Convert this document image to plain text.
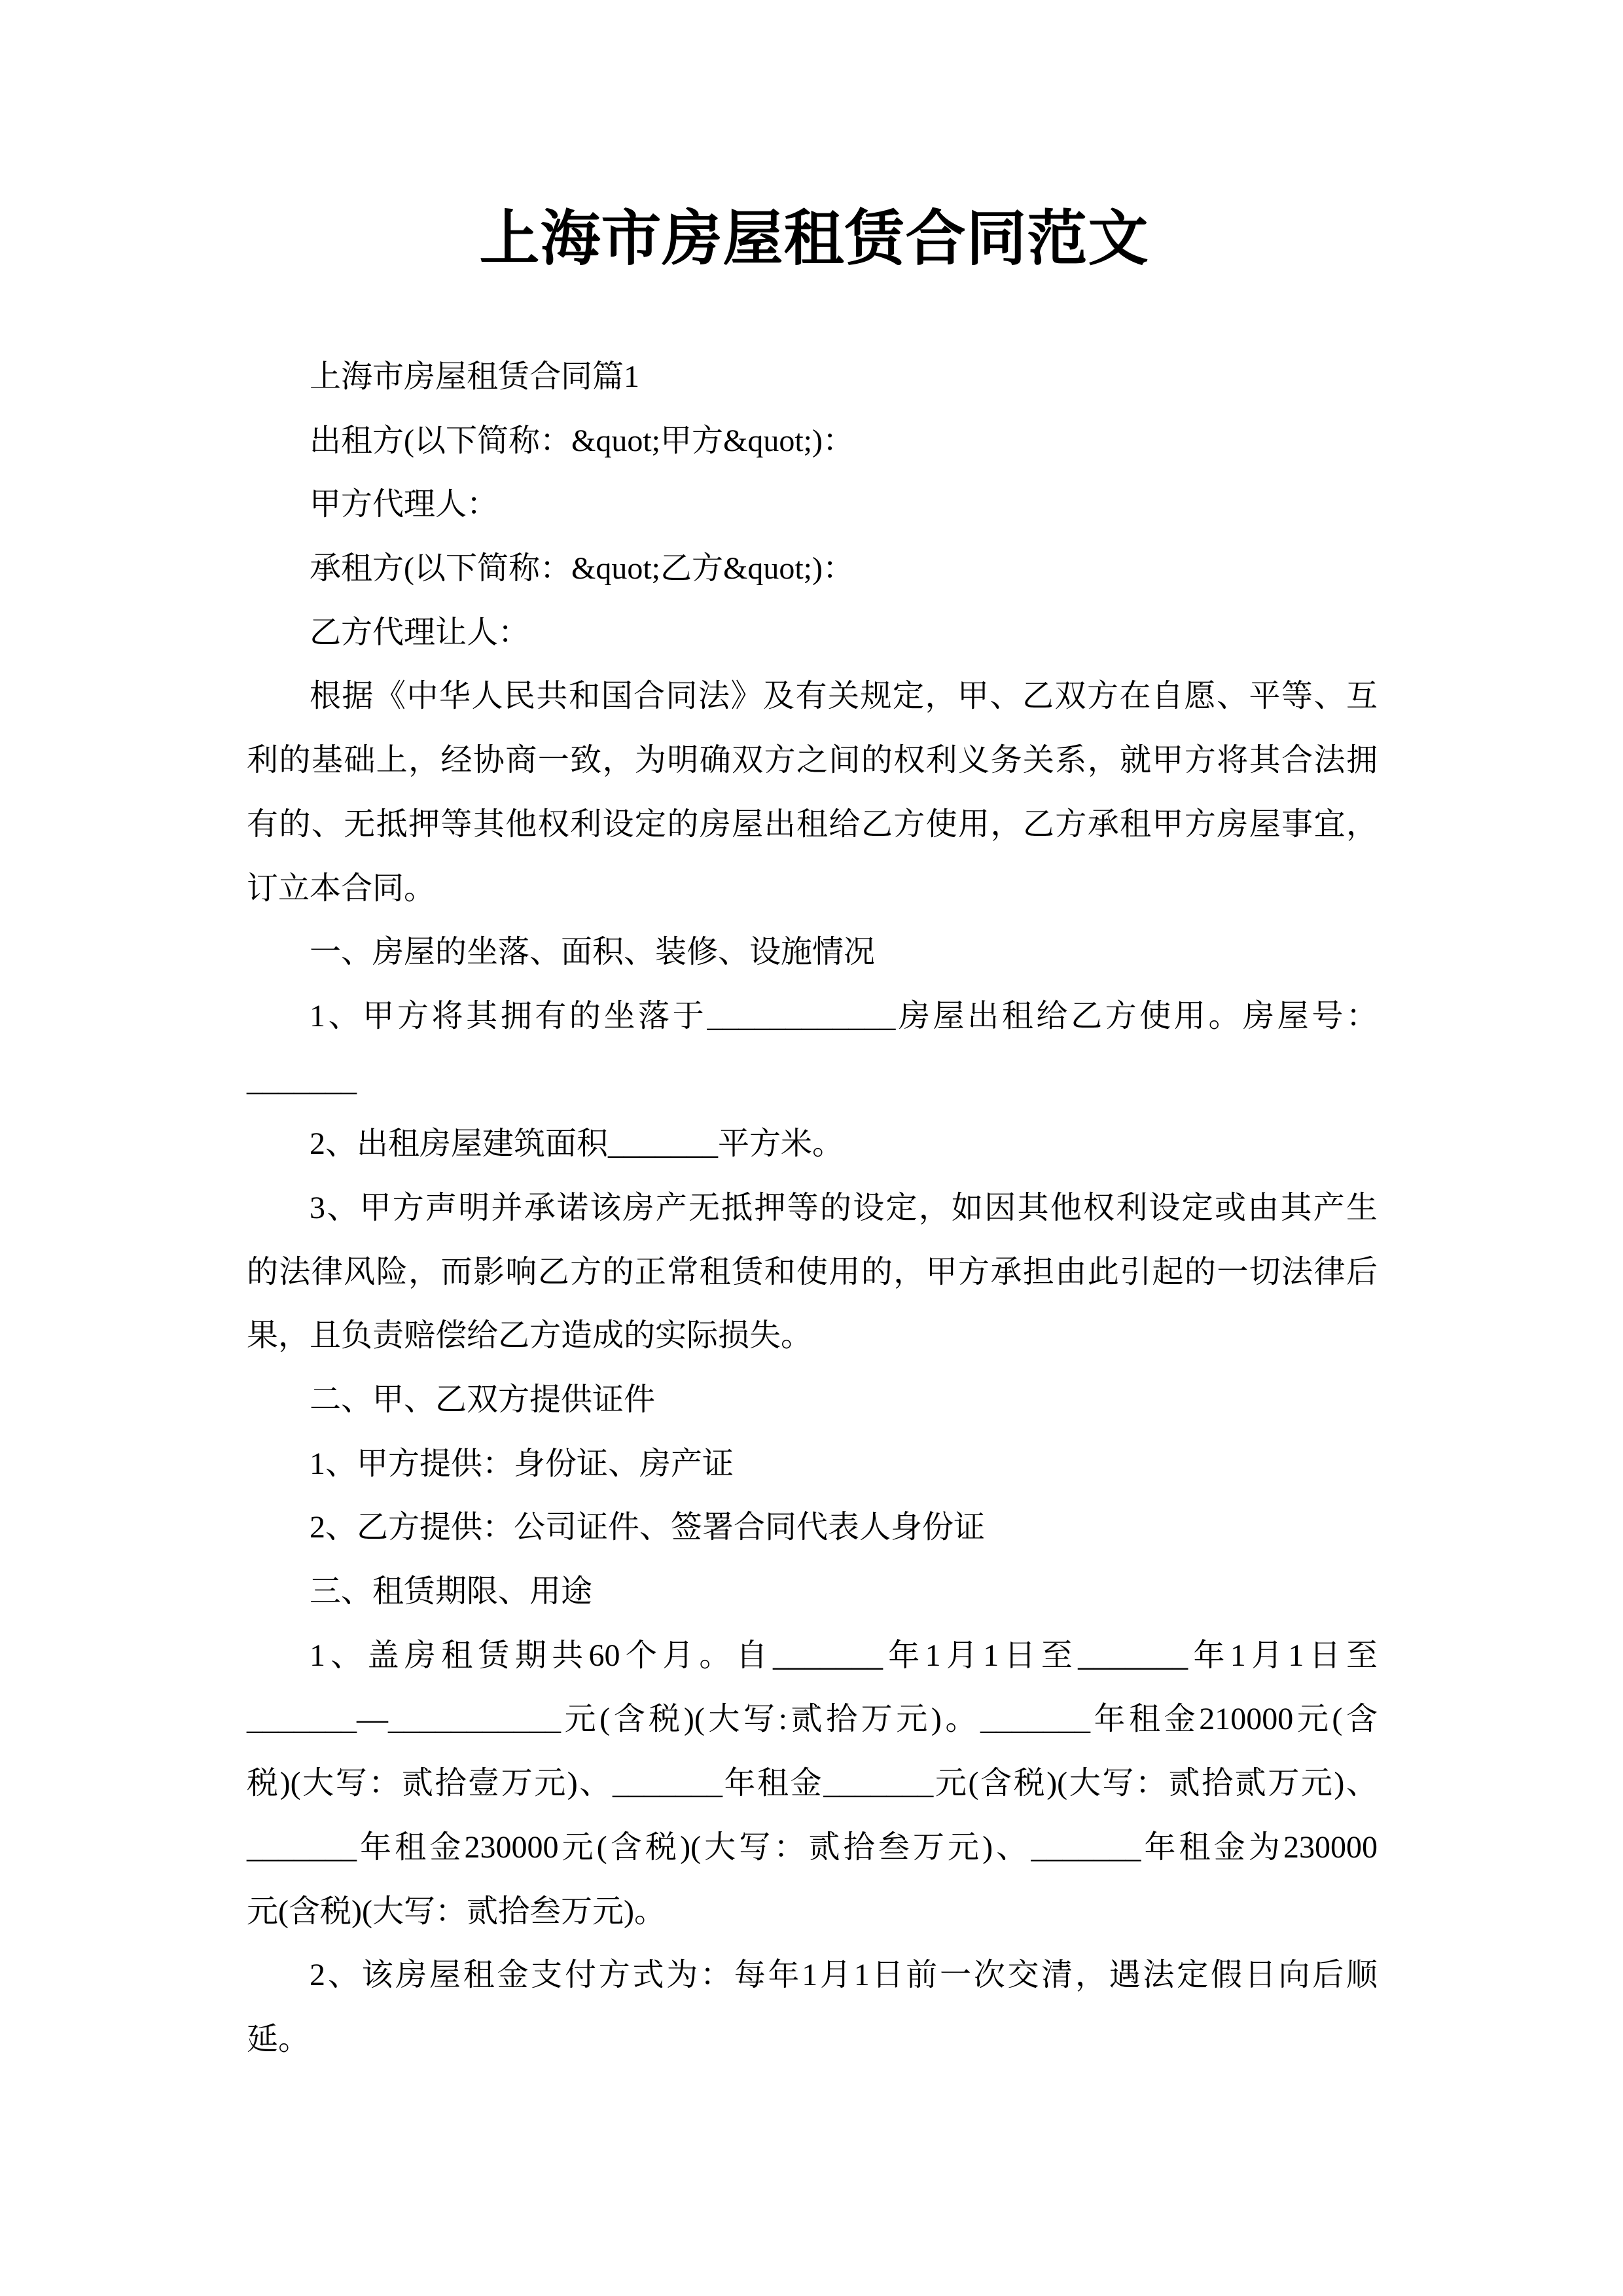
上海市房屋租赁合同范文
上海市房屋租赁合同篇1
出租方(以下简称：&quot;甲方&quot;)：
甲方代理人：
承租方(以下简称：&quot;乙方&quot;)：
乙方代理让人：
根据《中华人民共和国合同法》及有关规定，甲、乙双方在自愿、平等、互
利的基础上，经协商一致，为明确双方之间的权利义务关系，就甲方将其合法拥
有的、无抵押等其他权利设定的房屋出租给乙方使用，乙方承租甲方房屋事宜，
订立本合同。
一、房屋的坐落、面积、装修、设施情况
1、甲方将其拥有的坐落于____________房屋出租给乙方使用。房屋号：
_______
2、出租房屋建筑面积_______平方米。
3、甲方声明并承诺该房产无抵押等的设定，如因其他权利设定或由其产生
的法律风险，而影响乙方的正常租赁和使用的，甲方承担由此引起的一切法律后
果，且负责赔偿给乙方造成的实际损失。
二、甲、乙双方提供证件
1、甲方提供：身份证、房产证
2、乙方提供：公司证件、签署合同代表人身份证
三、租赁期限、用途
1、盖房租赁期共60个月。自_______年1月1日至_______年1月1日至
_______—___________元(含税)(大写:贰拾万元)。_______年租金210000元(含
税)(大写：贰拾壹万元)、_______年租金_______元(含税)(大写：贰拾贰万元)、
_______年租金230000元(含税)(大写：贰拾叁万元)、_______年租金为230000
元(含税)(大写：贰拾叁万元)。
2、该房屋租金支付方式为：每年1月1日前一次交清，遇法定假日向后顺
延。
